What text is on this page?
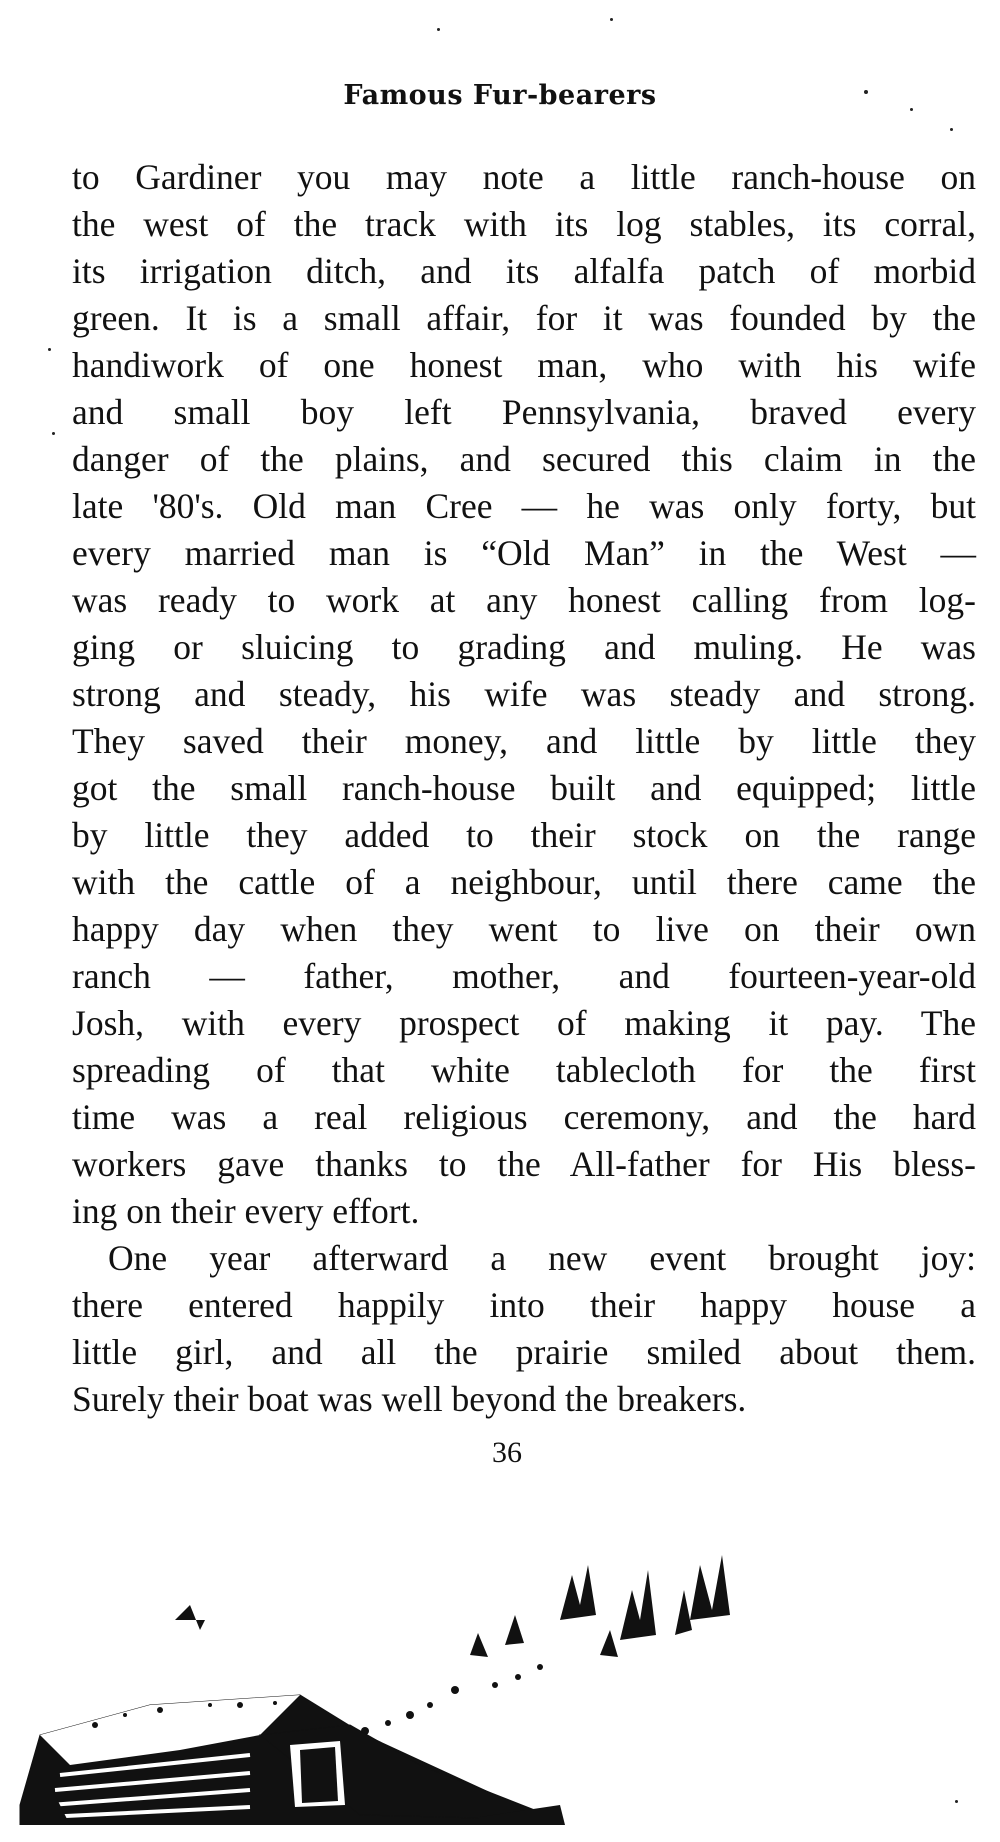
Famous Fur-bearers
to Gardiner you may note a little ranch-house on
the west of the track with its log stables, its corral,
its irrigation ditch, and its alfalfa patch of morbid
green. It is a small affair, for it was founded by the
handiwork of one honest man, who with his wife
and small boy left Pennsylvania, braved every
danger of the plains, and secured this claim in the
late '80's. Old man Cree — he was only forty, but
every married man is “Old Man” in the West —
was ready to work at any honest calling from log-
ging or sluicing to grading and muling. He was
strong and steady, his wife was steady and strong.
They saved their money, and little by little they
got the small ranch-house built and equipped; little
by little they added to their stock on the range
with the cattle of a neighbour, until there came the
happy day when they went to live on their own
ranch — father, mother, and fourteen-year-old
Josh, with every prospect of making it pay. The
spreading of that white tablecloth for the first
time was a real religious ceremony, and the hard
workers gave thanks to the All-father for His bless-
ing on their every effort.
One year afterward a new event brought joy:
there entered happily into their happy house a
little girl, and all the prairie smiled about them.
Surely their boat was well beyond the breakers.
36
